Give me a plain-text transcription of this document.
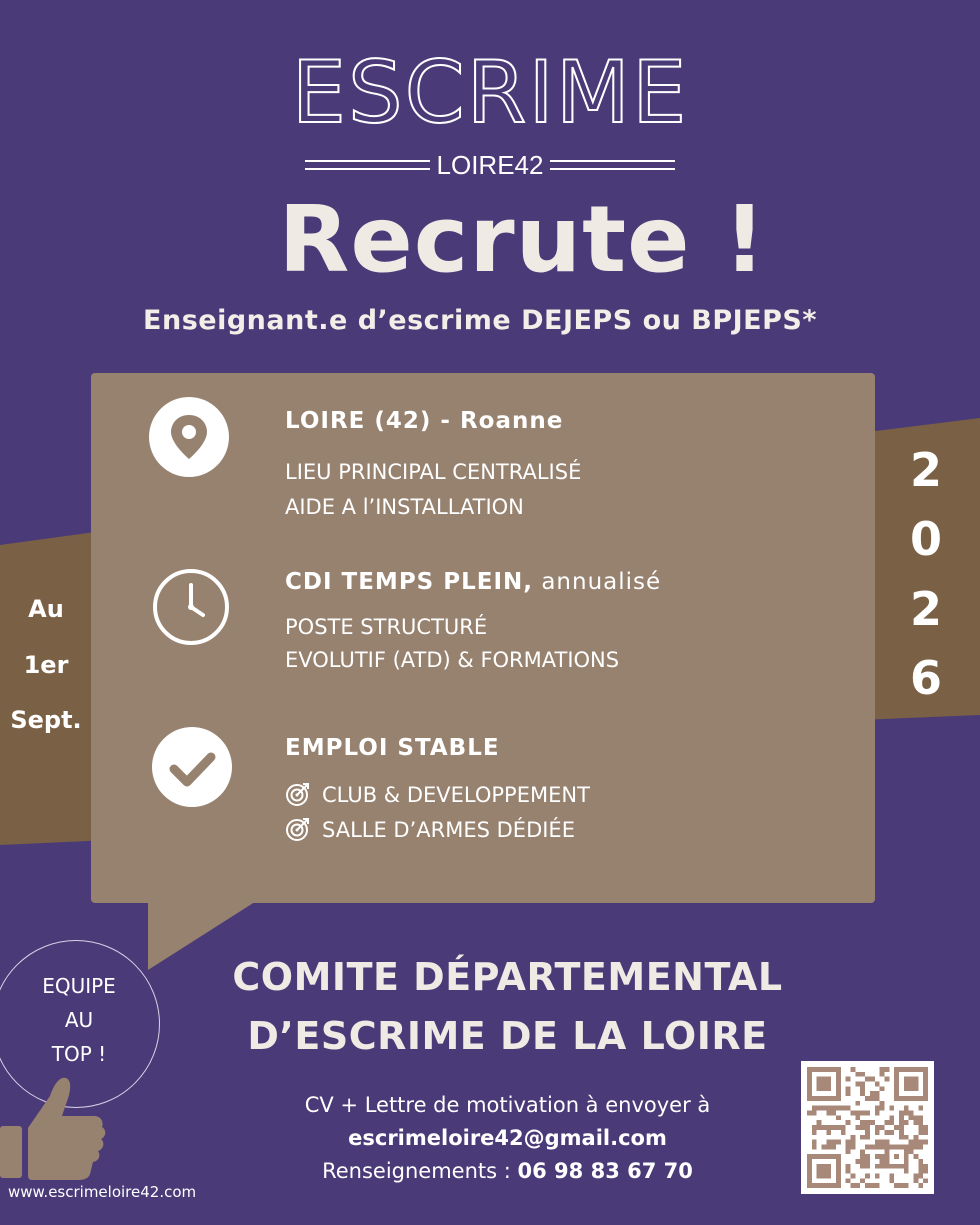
ESCRIME
LOIRE42
Recrute !
Enseignant.e d’escrime DEJEPS ou BPJEPS*
LOIRE (42) - Roanne
LIEU PRINCIPAL CENTRALISÉ
AIDE A l’INSTALLATION
CDI TEMPS PLEIN, annualisé
POSTE STRUCTURÉ
EVOLUTIF (ATD) & FORMATIONS
EMPLOI STABLE
CLUB & DEVELOPPEMENT
SALLE D’ARMES DÉDIÉE
2
0
2
6
Au
1er
Sept.
COMITE DÉPARTEMENTAL
D’ESCRIME DE LA LOIRE
EQUIPE
AU
TOP !
CV + Lettre de motivation à envoyer à
escrimeloire42@gmail.com
Renseignements : 06 98 83 67 70
www.escrimeloire42.com
